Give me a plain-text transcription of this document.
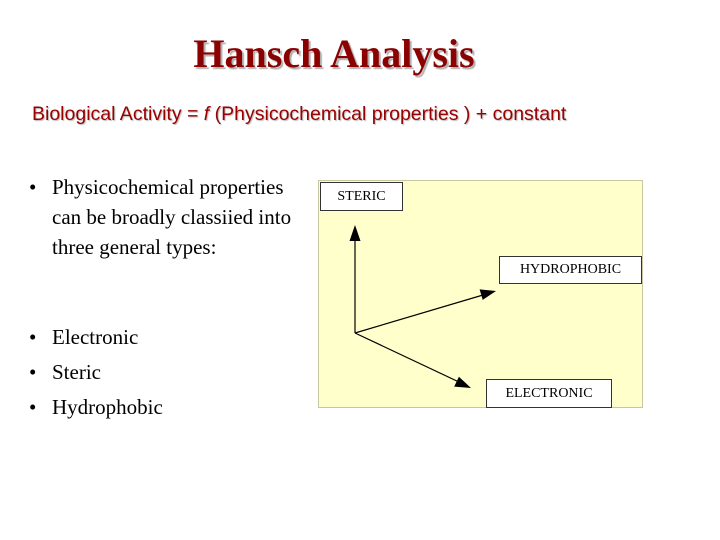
Hansch Analysis
Biological Activity = f (Physicochemical properties ) + constant
• Physicochemical properties can be broadly classiied into three general types:
• Electronic
• Steric
• Hydrophobic
STERIC
HYDROPHOBIC
ELECTRONIC
